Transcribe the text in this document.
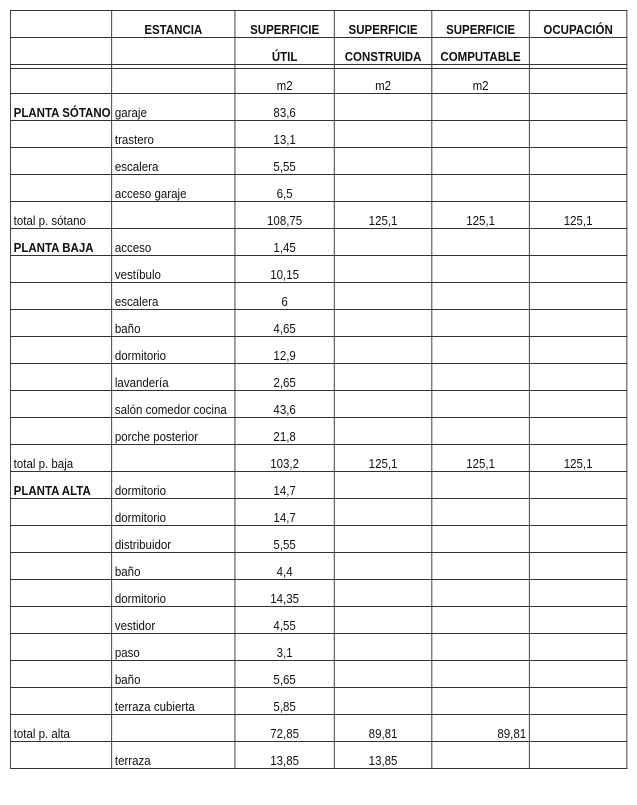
	ESTANCIA	SUPERFICIE	SUPERFICIE	SUPERFICIE	OCUPACIÓN
		ÚTIL	CONSTRUIDA	COMPUTABLE	

		m2	m2	m2	
PLANTA SÓTANO	garaje	83,6			
	trastero	13,1			
	escalera	5,55			
	acceso garaje	6,5			
total p. sótano		108,75	125,1	125,1	125,1
PLANTA BAJA	acceso	1,45			
	vestíbulo	10,15			
	escalera	6			
	baño	4,65			
	dormitorio	12,9			
	lavandería	2,65			
	salón comedor cocina	43,6			
	porche posterior	21,8			
total p. baja		103,2	125,1	125,1	125,1
PLANTA ALTA	dormitorio	14,7			
	dormitorio	14,7			
	distribuidor	5,55			
	baño	4,4			
	dormitorio	14,35			
	vestidor	4,55			
	paso	3,1			
	baño	5,65			
	terraza cubierta	5,85			
total p. alta		72,85	89,81	89,81	
	terraza	13,85	13,85		
